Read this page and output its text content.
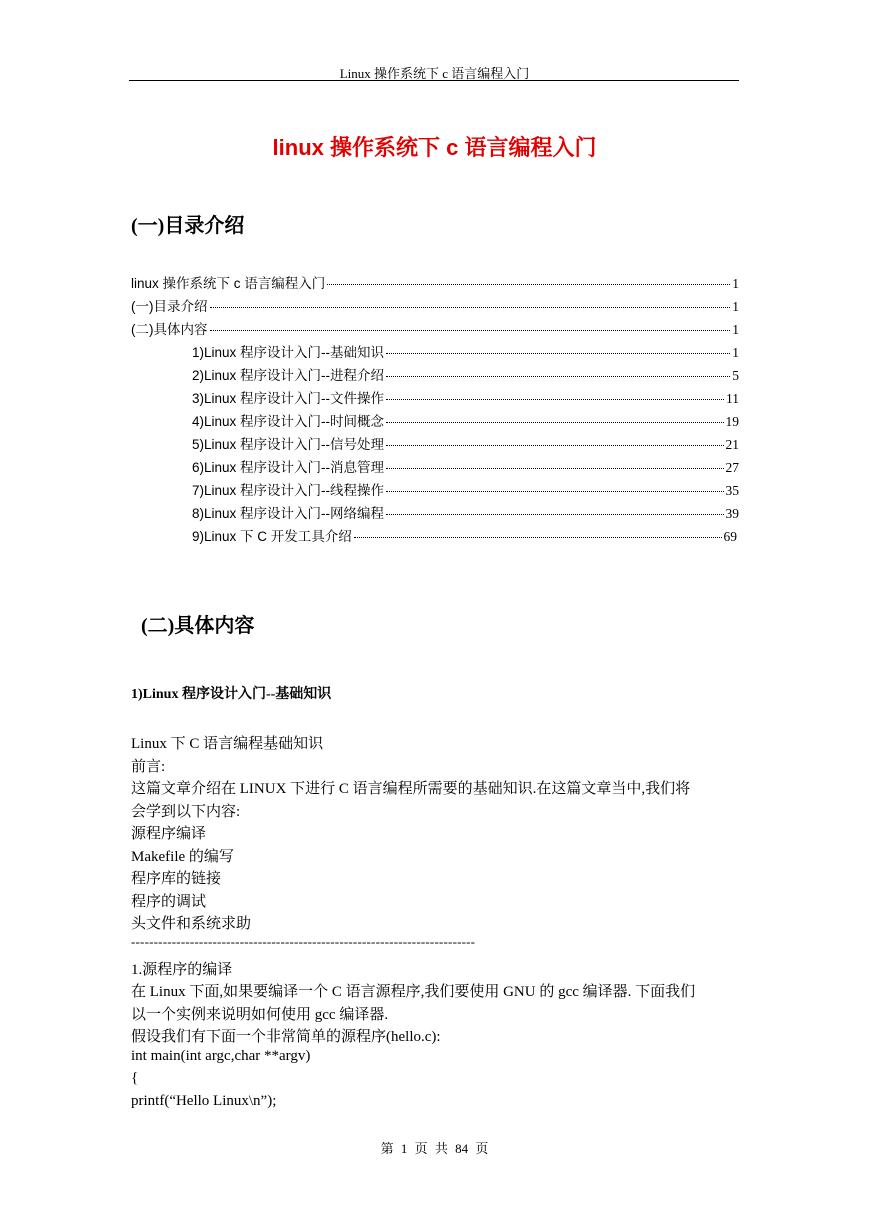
Linux 操作系统下 c 语言编程入门
linux 操作系统下 c 语言编程入门
(一)目录介绍
linux 操作系统下 c 语言编程入门	1
(一)目录介绍	1
(二)具体内容	1
1)Linux 程序设计入门--基础知识	1
2)Linux 程序设计入门--进程介绍	5
3)Linux 程序设计入门--文件操作	11
4)Linux 程序设计入门--时间概念	19
5)Linux 程序设计入门--信号处理	21
6)Linux 程序设计入门--消息管理	27
7)Linux 程序设计入门--线程操作	35
8)Linux 程序设计入门--网络编程	39
9)Linux 下 C 开发工具介绍	69
(二)具体内容
1)Linux 程序设计入门--基础知识
Linux 下 C 语言编程基础知识
前言:
这篇文章介绍在 LINUX 下进行 C 语言编程所需要的基础知识.在这篇文章当中,我们将
会学到以下内容:
源程序编译
Makefile 的编写
程序库的链接
程序的调试
头文件和系统求助
----------------------------------------------------------------------------
1.源程序的编译
在 Linux 下面,如果要编译一个 C 语言源程序,我们要使用 GNU 的 gcc 编译器. 下面我们
以一个实例来说明如何使用 gcc 编译器.
假设我们有下面一个非常简单的源程序(hello.c):
int main(int argc,char **argv)
{
printf(“Hello Linux\n”);
第 1 页 共 84 页
